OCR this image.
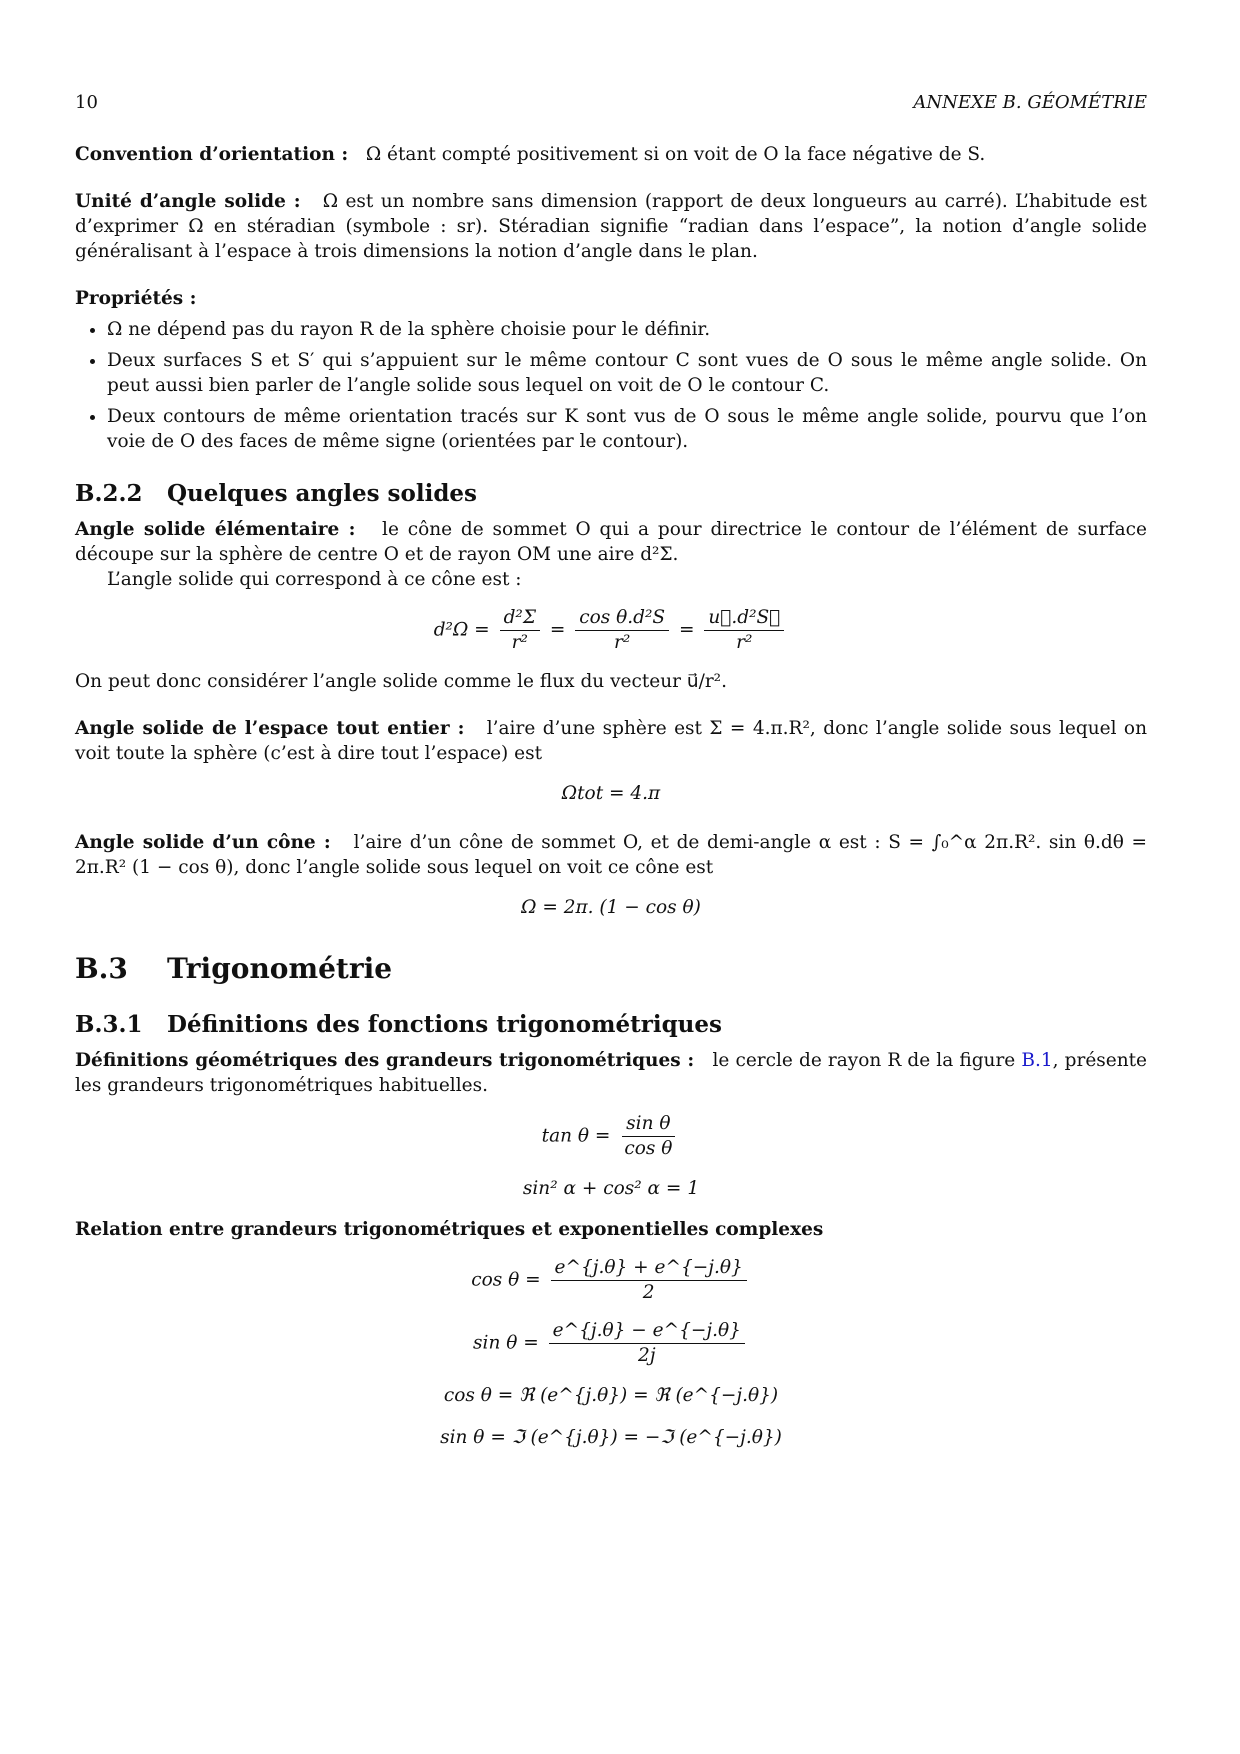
10	ANNEXE B. GÉOMÉTRIE

Convention d’orientation : Ω étant compté positivement si on voit de O la face négative de S.

Unité d’angle solide : Ω est un nombre sans dimension (rapport de deux longueurs au carré). L’habitude est d’exprimer Ω en stéradian (symbole : sr). Stéradian signifie “radian dans l’espace”, la notion d’angle solide généralisant à l’espace à trois dimensions la notion d’angle dans le plan.

Propriétés :

• Ω ne dépend pas du rayon R de la sphère choisie pour le définir.
• Deux surfaces S et S′ qui s’appuient sur le même contour C sont vues de O sous le même angle solide. On peut aussi bien parler de l’angle solide sous lequel on voit de O le contour C.
• Deux contours de même orientation tracés sur K sont vus de O sous le même angle solide, pourvu que l’on voie de O des faces de même signe (orientées par le contour).
B.2.2 Quelques angles solides

Angle solide élémentaire : le cône de sommet O qui a pour directrice le contour de l’élément de surface découpe sur la sphère de centre O et de rayon OM une aire d²Σ.

L’angle solide qui correspond à ce cône est :

$d^2\Omega = \frac{\text{d²Σ}}{\text{r²}} = \frac{\text{cos θ.d²S}}{\text{r²}} = \frac{\text{u⃗.d²S⃗}}{\text{r²}}$

On peut donc considérer l’angle solide comme le flux du vecteur u⃗/r².

Angle solide de l’espace tout entier : l’aire d’une sphère est Σ = 4.π.R², donc l’angle solide sous lequel on voit toute la sphère (c’est à dire tout l’espace) est

Ωtot = 4.π

Angle solide d’un cône : l’aire d’un cône de sommet O, et de demi-angle α est : S = ∫₀^α 2π.R². sin θ.dθ = 2π.R² (1 − cos θ), donc l’angle solide sous lequel on voit ce cône est

Ω = 2π. (1 − cos θ)
B.3 Trigonométrie
B.3.1 Définitions des fonctions trigonométriques

Définitions géométriques des grandeurs trigonométriques : le cercle de rayon R de la figure B.1, présente les grandeurs trigonométriques habituelles.

$\tan \theta = \frac{\text{sin θ}}{\text{cos θ}}$
sin² α + cos² α = 1

Relation entre grandeurs trigonométriques et exponentielles complexes

$\cos \theta = \frac{e\^{}\{j.\theta\} + e\^{}\{-j.\theta\}}{2}$
$\sin \theta = \frac{e\^{}\{j.\theta\} - e\^{}\{-j.\theta\}}{2j}$
cos θ = ℜ (e^{j.θ}) = ℜ (e^{−j.θ})
sin θ = ℑ (e^{j.θ}) = −ℑ (e^{−j.θ})
